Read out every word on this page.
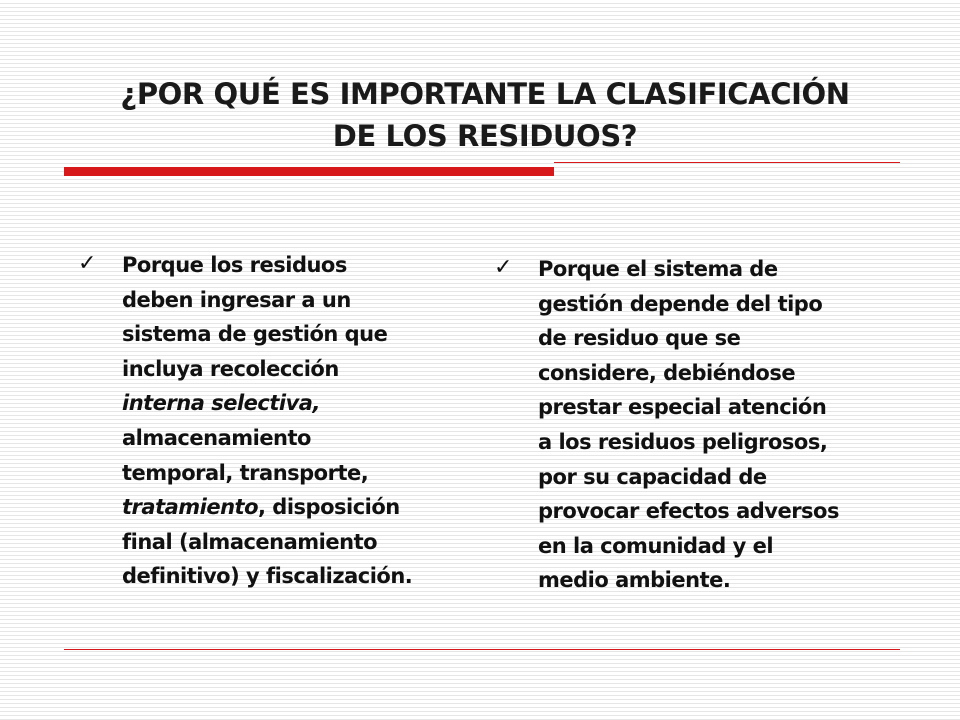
¿POR QUÉ ES IMPORTANTE LA CLASIFICACIÓN
DE LOS RESIDUOS?
✓ Porque los residuos
deben ingresar a un
sistema de gestión que
incluya recolección
interna selectiva,
almacenamiento
temporal, transporte,
tratamiento, disposición
final (almacenamiento
definitivo) y fiscalización.
✓ Porque el sistema de
gestión depende del tipo
de residuo que se
considere, debiéndose
prestar especial atención
a los residuos peligrosos,
por su capacidad de
provocar efectos adversos
en la comunidad y el
medio ambiente.
